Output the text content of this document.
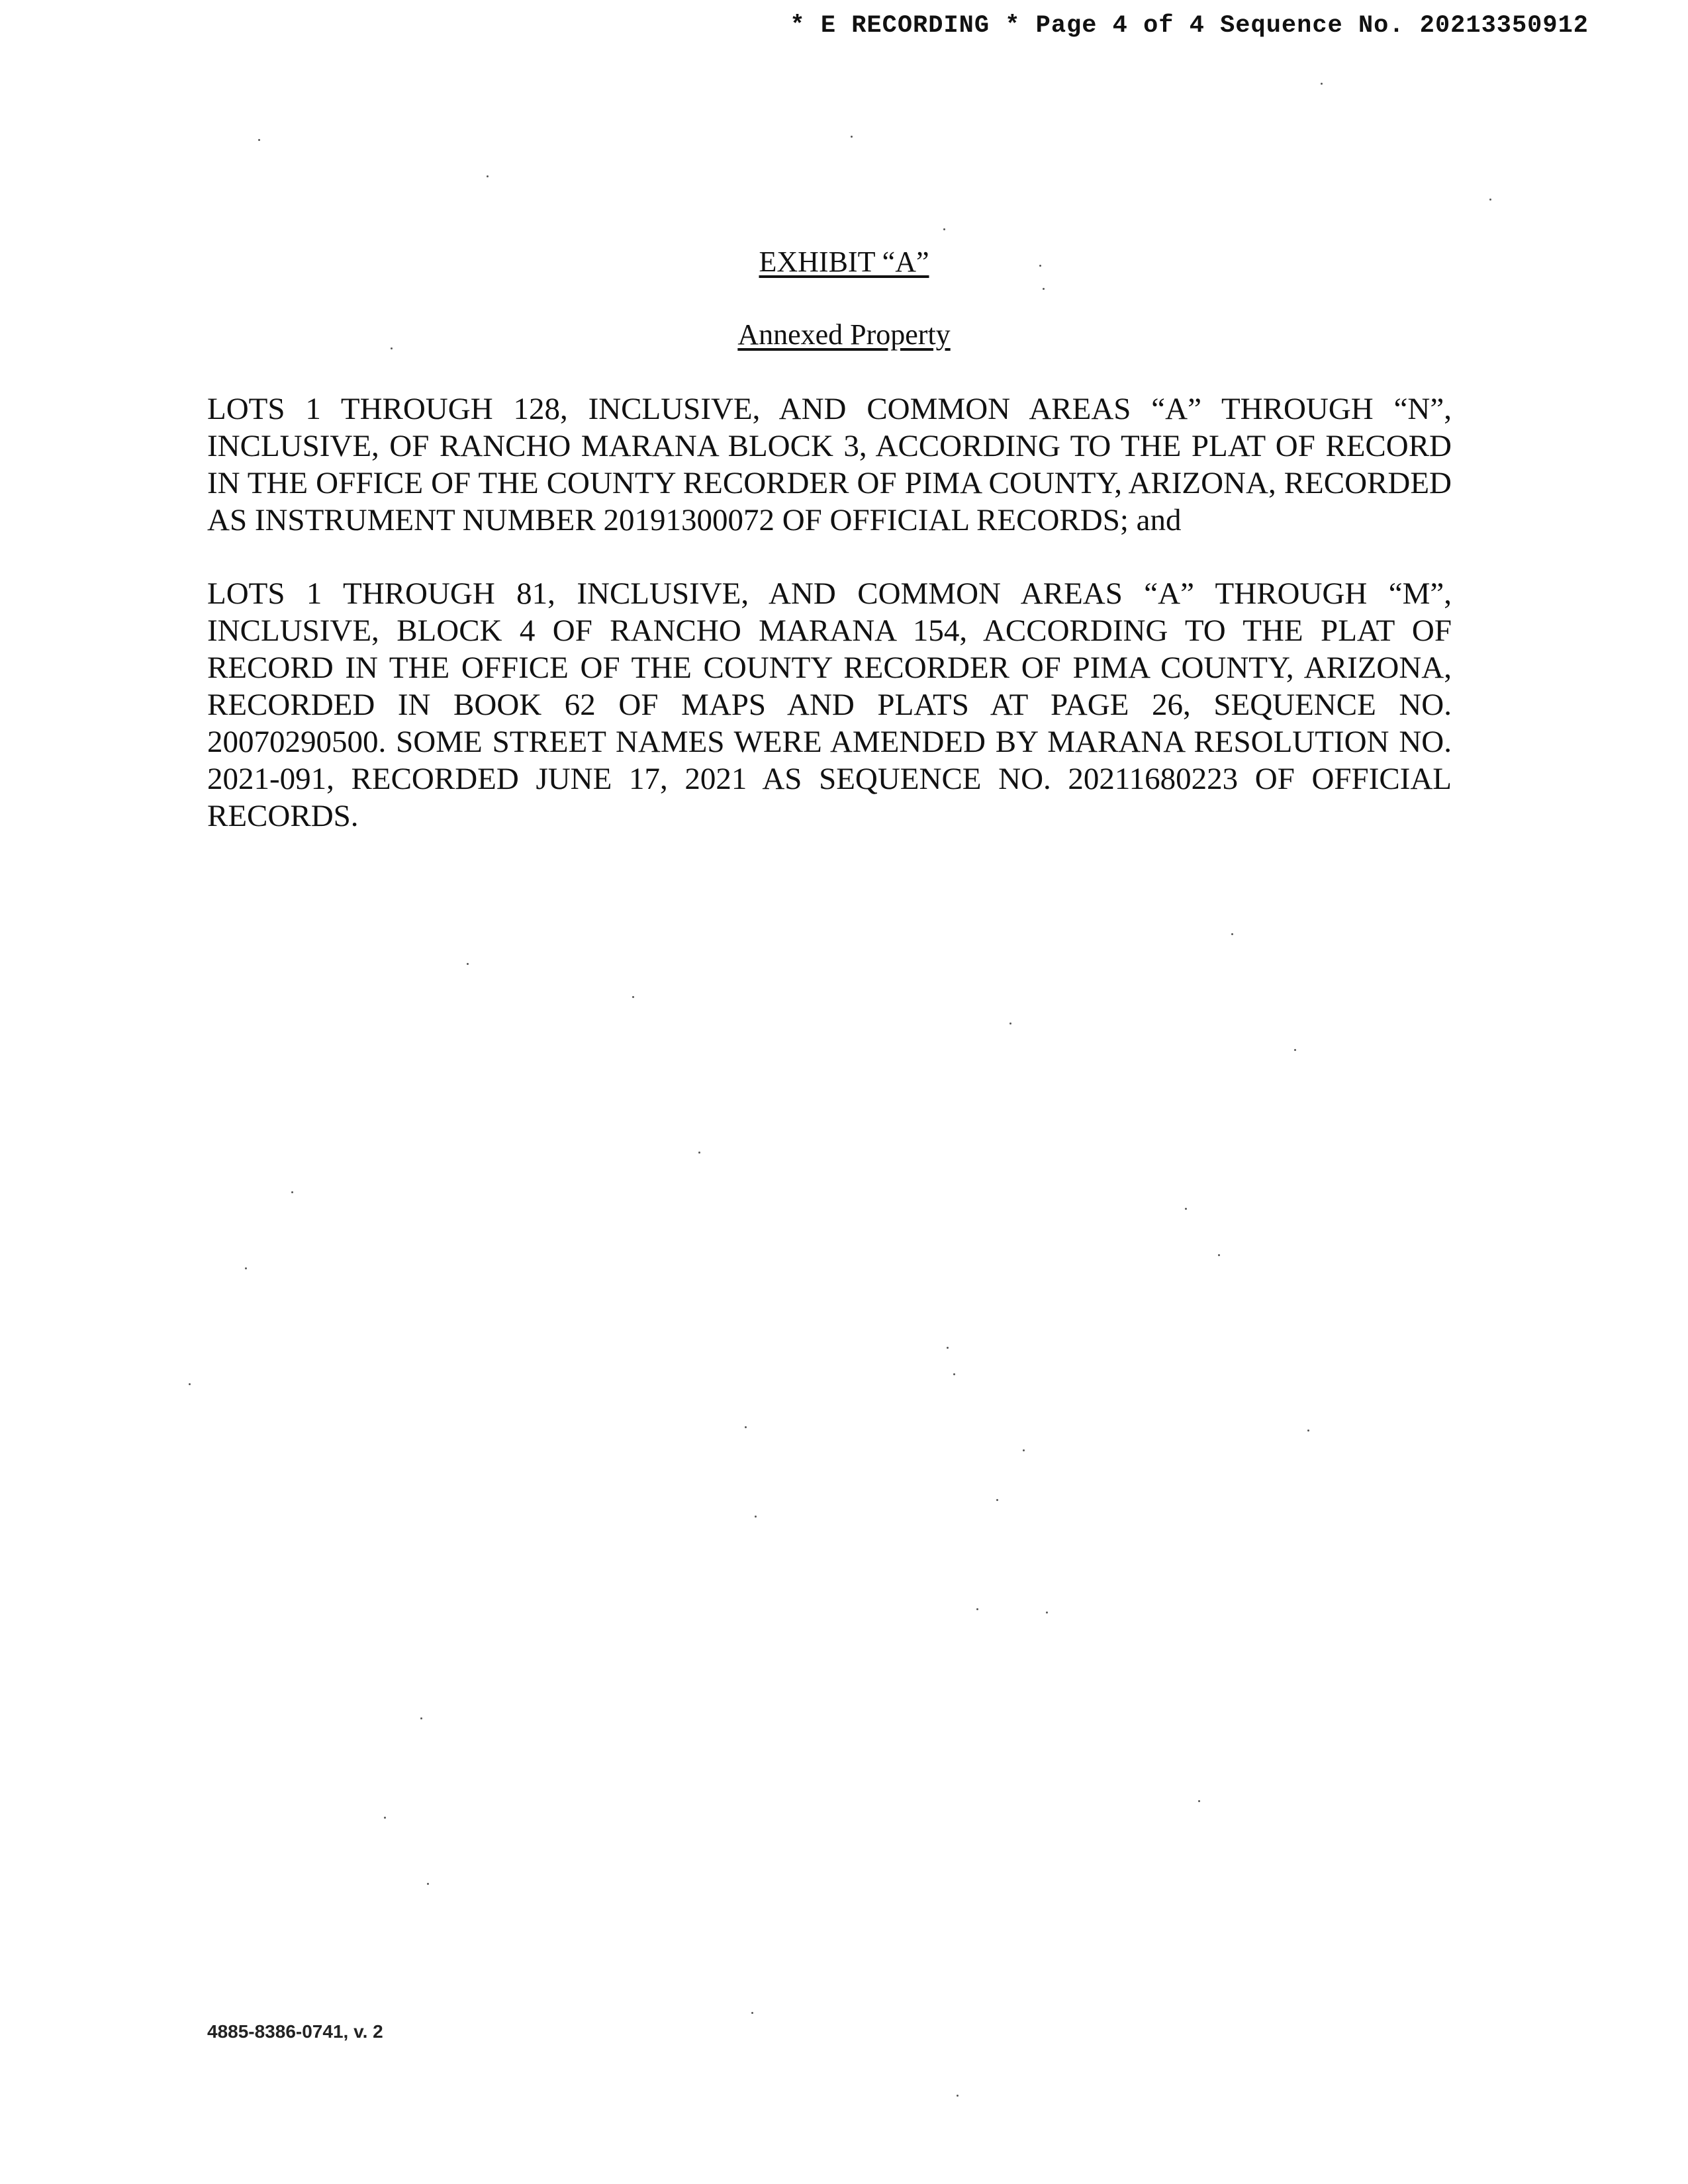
* E RECORDING * Page 4 of 4 Sequence No. 20213350912
EXHIBIT “A”
Annexed Property

LOTS 1 THROUGH 128, INCLUSIVE, AND COMMON AREAS “A” THROUGH “N”, INCLUSIVE, OF RANCHO MARANA BLOCK 3, ACCORDING TO THE PLAT OF RECORD IN THE OFFICE OF THE COUNTY RECORDER OF PIMA COUNTY, ARIZONA, RECORDED AS INSTRUMENT NUMBER 20191300072 OF OFFICIAL RECORDS; and

LOTS 1 THROUGH 81, INCLUSIVE, AND COMMON AREAS “A” THROUGH “M”, INCLUSIVE, BLOCK 4 OF RANCHO MARANA 154, ACCORDING TO THE PLAT OF RECORD IN THE OFFICE OF THE COUNTY RECORDER OF PIMA COUNTY, ARIZONA, RECORDED IN BOOK 62 OF MAPS AND PLATS AT PAGE 26, SEQUENCE NO. 20070290500. SOME STREET NAMES WERE AMENDED BY MARANA RESOLUTION NO. 2021-091, RECORDED JUNE 17, 2021 AS SEQUENCE NO. 20211680223 OF OFFICIAL RECORDS.

4885-8386-0741, v. 2
